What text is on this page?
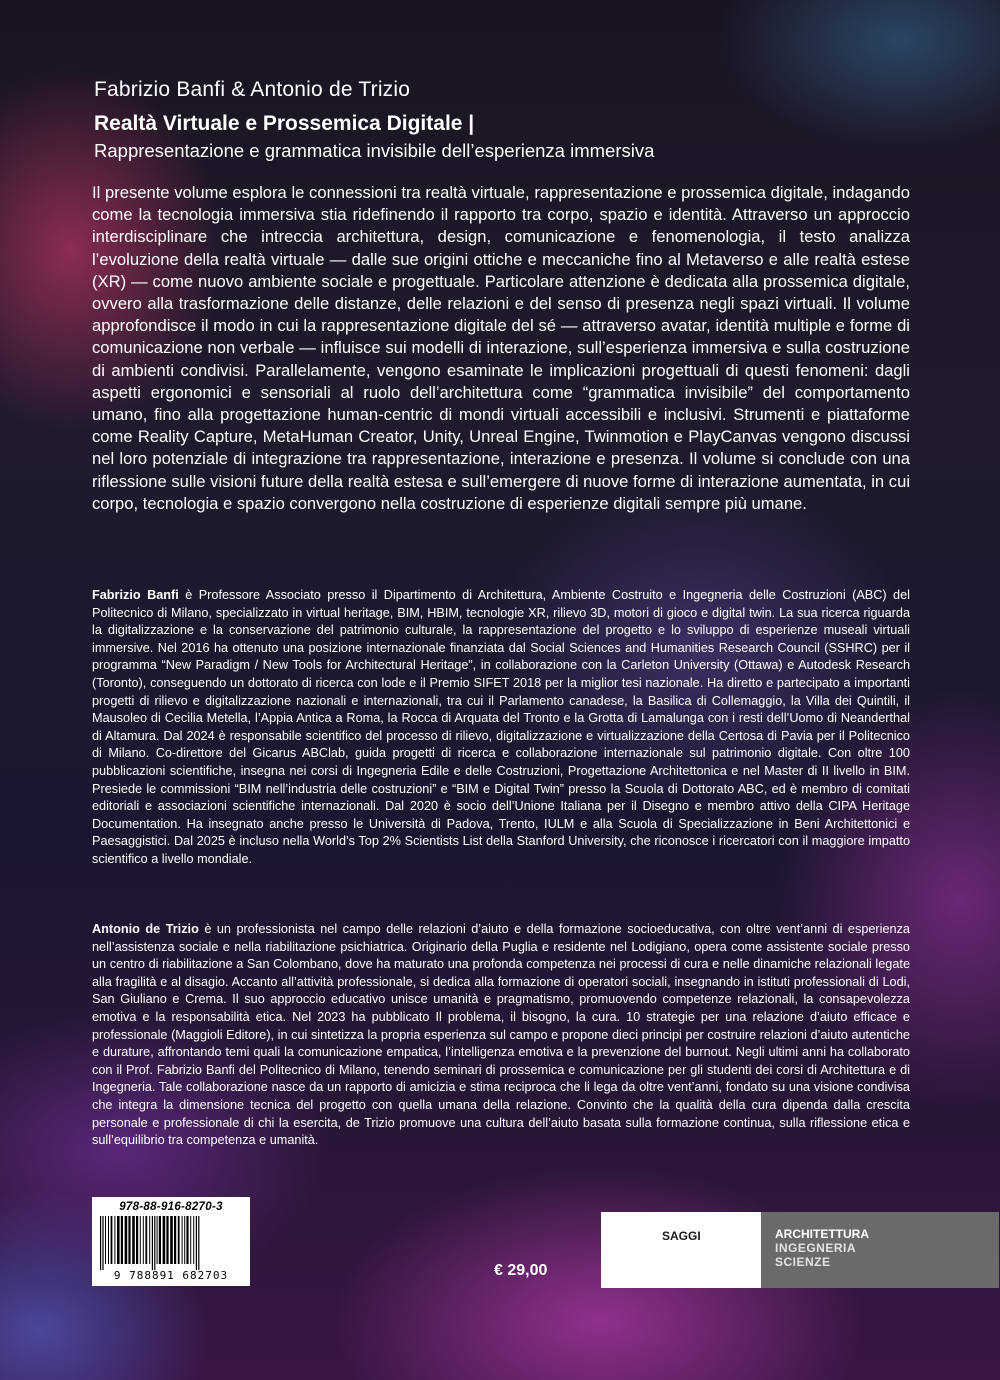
Fabrizio Banfi & Antonio de Trizio
Realtà Virtuale e Prossemica Digitale |
Rappresentazione e grammatica invisibile dell’esperienza immersiva

Il presente volume esplora le connessioni tra realtà virtuale, rappresentazione e prossemica digitale, indagando come la tecnologia immersiva stia ridefinendo il rapporto tra corpo, spazio e identità. Attraverso un approccio interdisciplinare che intreccia architettura, design, comunicazione e fenomenologia, il testo analizza l’evoluzione della realtà virtuale — dalle sue origini ottiche e meccaniche fino al Metaverso e alle realtà estese (XR) — come nuovo ambiente sociale e progettuale. Particolare attenzione è dedicata alla prossemica digitale, ovvero alla trasformazione delle distanze, delle relazioni e del senso di presenza negli spazi virtuali. Il volume approfondisce il modo in cui la rappresentazione digitale del sé — attraverso avatar, identità multiple e forme di comunicazione non verbale — influisce sui modelli di interazione, sull’esperienza immersiva e sulla costruzione di ambienti condivisi. Parallelamente, vengono esaminate le implicazioni progettuali di questi fenomeni: dagli aspetti ergonomici e sensoriali al ruolo dell’architettura come “grammatica invisibile” del comportamento umano, fino alla progettazione human-centric di mondi virtuali accessibili e inclusivi. Strumenti e piattaforme come Reality Capture, MetaHuman Creator, Unity, Unreal Engine, Twinmotion e PlayCanvas vengono discussi nel loro potenziale di integrazione tra rappresentazione, interazione e presenza. Il volume si conclude con una riflessione sulle visioni future della realtà estesa e sull’emergere di nuove forme di interazione aumentata, in cui corpo, tecnologia e spazio convergono nella costruzione di esperienze digitali sempre più umane.

Fabrizio Banfi è Professore Associato presso il Dipartimento di Architettura, Ambiente Costruito e Ingegneria delle Costruzioni (ABC) del Politecnico di Milano, specializzato in virtual heritage, BIM, HBIM, tecnologie XR, rilievo 3D, motori di gioco e digital twin. La sua ricerca riguarda la digitalizzazione e la conservazione del patrimonio culturale, la rappresentazione del progetto e lo sviluppo di esperienze museali virtuali immersive. Nel 2016 ha ottenuto una posizione internazionale finanziata dal Social Sciences and Humanities Research Council (SSHRC) per il programma “New Paradigm / New Tools for Architectural Heritage”, in collaborazione con la Carleton University (Ottawa) e Autodesk Research (Toronto), conseguendo un dottorato di ricerca con lode e il Premio SIFET 2018 per la miglior tesi nazionale. Ha diretto e partecipato a importanti progetti di rilievo e digitalizzazione nazionali e internazionali, tra cui il Parlamento canadese, la Basilica di Collemaggio, la Villa dei Quintili, il Mausoleo di Cecilia Metella, l’Appia Antica a Roma, la Rocca di Arquata del Tronto e la Grotta di Lamalunga con i resti dell’Uomo di Neanderthal di Altamura. Dal 2024 è responsabile scientifico del processo di rilievo, digitalizzazione e virtualizzazione della Certosa di Pavia per il Politecnico di Milano. Co-direttore del Gicarus ABClab, guida progetti di ricerca e collaborazione internazionale sul patrimonio digitale. Con oltre 100 pubblicazioni scientifiche, insegna nei corsi di Ingegneria Edile e delle Costruzioni, Progettazione Architettonica e nel Master di II livello in BIM. Presiede le commissioni “BIM nell’industria delle costruzioni” e “BIM e Digital Twin” presso la Scuola di Dottorato ABC, ed è membro di comitati editoriali e associazioni scientifiche internazionali. Dal 2020 è socio dell’Unione Italiana per il Disegno e membro attivo della CIPA Heritage Documentation. Ha insegnato anche presso le Università di Padova, Trento, IULM e alla Scuola di Specializzazione in Beni Architettonici e Paesaggistici. Dal 2025 è incluso nella World’s Top 2% Scientists List della Stanford University, che riconosce i ricercatori con il maggiore impatto scientifico a livello mondiale.

Antonio de Trizio è un professionista nel campo delle relazioni d’aiuto e della formazione socioeducativa, con oltre vent’anni di esperienza nell’assistenza sociale e nella riabilitazione psichiatrica. Originario della Puglia e residente nel Lodigiano, opera come assistente sociale presso un centro di riabilitazione a San Colombano, dove ha maturato una profonda competenza nei processi di cura e nelle dinamiche relazionali legate alla fragilità e al disagio. Accanto all’attività professionale, si dedica alla formazione di operatori sociali, insegnando in istituti professionali di Lodi, San Giuliano e Crema. Il suo approccio educativo unisce umanità e pragmatismo, promuovendo competenze relazionali, la consapevolezza emotiva e la responsabilità etica. Nel 2023 ha pubblicato Il problema, il bisogno, la cura. 10 strategie per una relazione d’aiuto efficace e professionale (Maggioli Editore), in cui sintetizza la propria esperienza sul campo e propone dieci principi per costruire relazioni d’aiuto autentiche e durature, affrontando temi quali la comunicazione empatica, l’intelligenza emotiva e la prevenzione del burnout. Negli ultimi anni ha collaborato con il Prof. Fabrizio Banfi del Politecnico di Milano, tenendo seminari di prossemica e comunicazione per gli studenti dei corsi di Architettura e di Ingegneria. Tale collaborazione nasce da un rapporto di amicizia e stima reciproca che li lega da oltre vent’anni, fondato su una visione condivisa che integra la dimensione tecnica del progetto con quella umana della relazione. Convinto che la qualità della cura dipenda dalla crescita personale e professionale di chi la esercita, de Trizio promuove una cultura dell’aiuto basata sulla formazione continua, sulla riflessione etica e sull’equilibrio tra competenza e umanità.

978-88-916-8270-3
9 788891 682703	€ 29,00
SAGGI	ARCHITETTURA
INGEGNERIA
SCIENZE
